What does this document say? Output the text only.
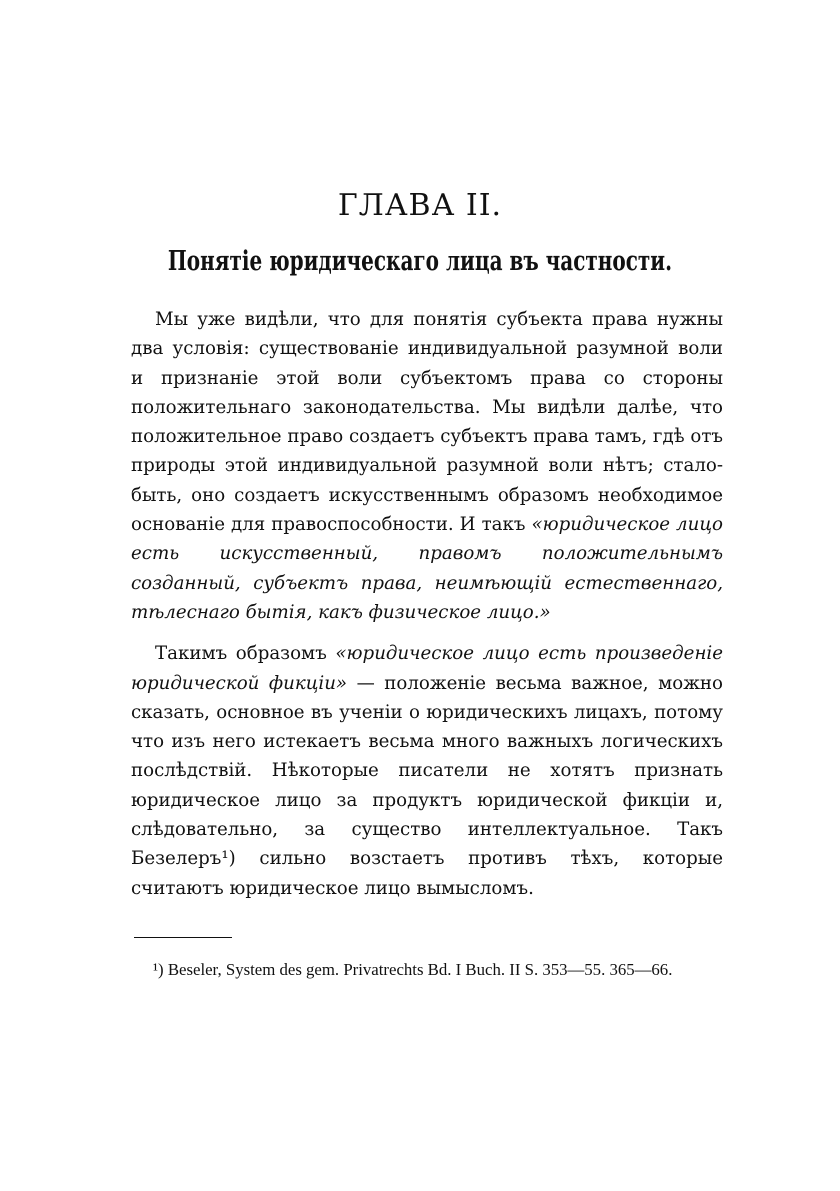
ГЛАВА II.
Понятіе юридическаго лица въ частности.

Мы уже видѣли, что для понятія субъекта права нужны два условія: существованіе индивидуальной разумной воли и признаніе этой воли субъектомъ права со стороны положительнаго законодательства. Мы видѣли далѣе, что положительное право создаетъ субъектъ права тамъ, гдѣ отъ природы этой индивидуальной разумной воли нѣтъ; стало-быть, оно создаетъ искусственнымъ образомъ необходимое основаніе для правоспособности. И такъ «юридическое лицо есть искусственный, правомъ положительнымъ созданный, субъектъ права, неимѣющій естественнаго, тѣлеснаго бытія, какъ физическое лицо.»

Такимъ образомъ «юридическое лицо есть произведеніе юридической фикціи» — положеніе весьма важное, можно сказать, основное въ ученіи о юридическихъ лицахъ, потому что изъ него истекаетъ весьма много важныхъ логическихъ послѣдствій. Нѣкоторые писатели не хотятъ признать юридическое лицо за продуктъ юридической фикціи и, слѣдовательно, за существо интеллектуальное. Такъ Безелеръ¹) сильно возстаетъ противъ тѣхъ, которые считаютъ юридическое лицо вымысломъ.

¹) Beseler, System des gem. Privatrechts Bd. I Buch. II S. 353—55. 365—66.
